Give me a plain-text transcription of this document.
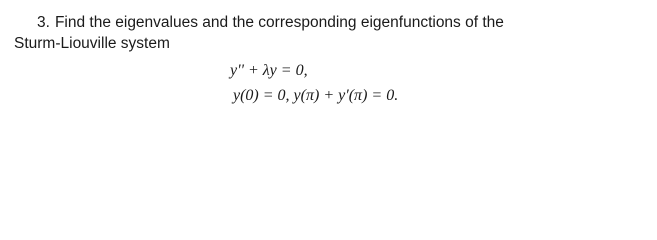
3. Find the eigenvalues and the corresponding eigenfunctions of the
Sturm-Liouville system
y'' + λy = 0,
y(0) = 0, y(π) + y′(π) = 0.
